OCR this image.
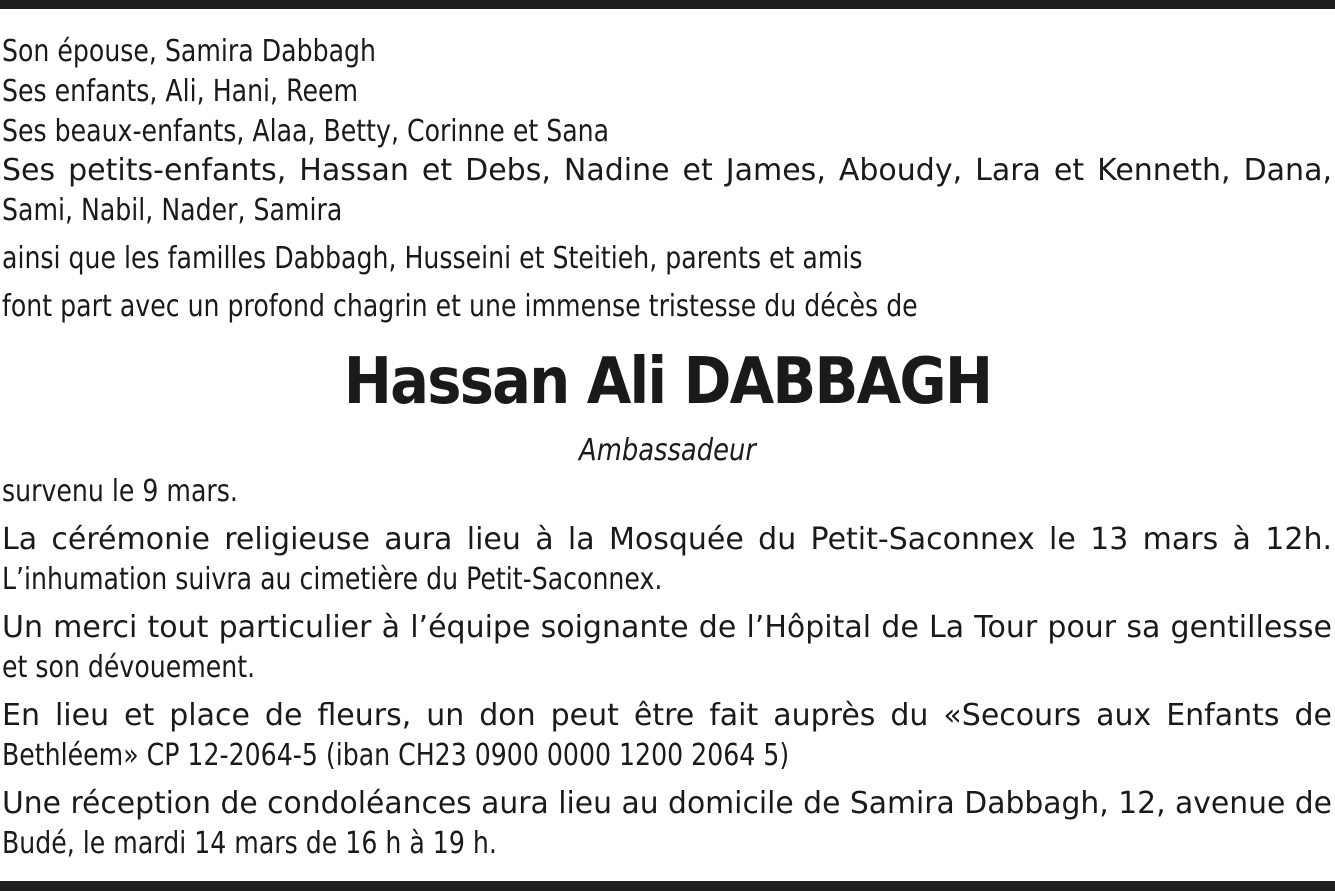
Son épouse, Samira Dabbagh
Ses enfants, Ali, Hani, Reem
Ses beaux-enfants, Alaa, Betty, Corinne et Sana
Ses petits-enfants, Hassan et Debs, Nadine et James, Aboudy, Lara et Kenneth, Dana,
Sami, Nabil, Nader, Samira
ainsi que les familles Dabbagh, Husseini et Steitieh, parents et amis
font part avec un profond chagrin et une immense tristesse du décès de
Hassan Ali DABBAGH
Ambassadeur
survenu le 9 mars.
La cérémonie religieuse aura lieu à la Mosquée du Petit-Saconnex le 13 mars à 12h.
L’inhumation suivra au cimetière du Petit-Saconnex.
Un merci tout particulier à l’équipe soignante de l’Hôpital de La Tour pour sa gentillesse
et son dévouement.
En lieu et place de fleurs, un don peut être fait auprès du «Secours aux Enfants de
Bethléem» CP 12-2064-5 (iban CH23 0900 0000 1200 2064 5)
Une réception de condoléances aura lieu au domicile de Samira Dabbagh, 12, avenue de
Budé, le mardi 14 mars de 16 h à 19 h.
